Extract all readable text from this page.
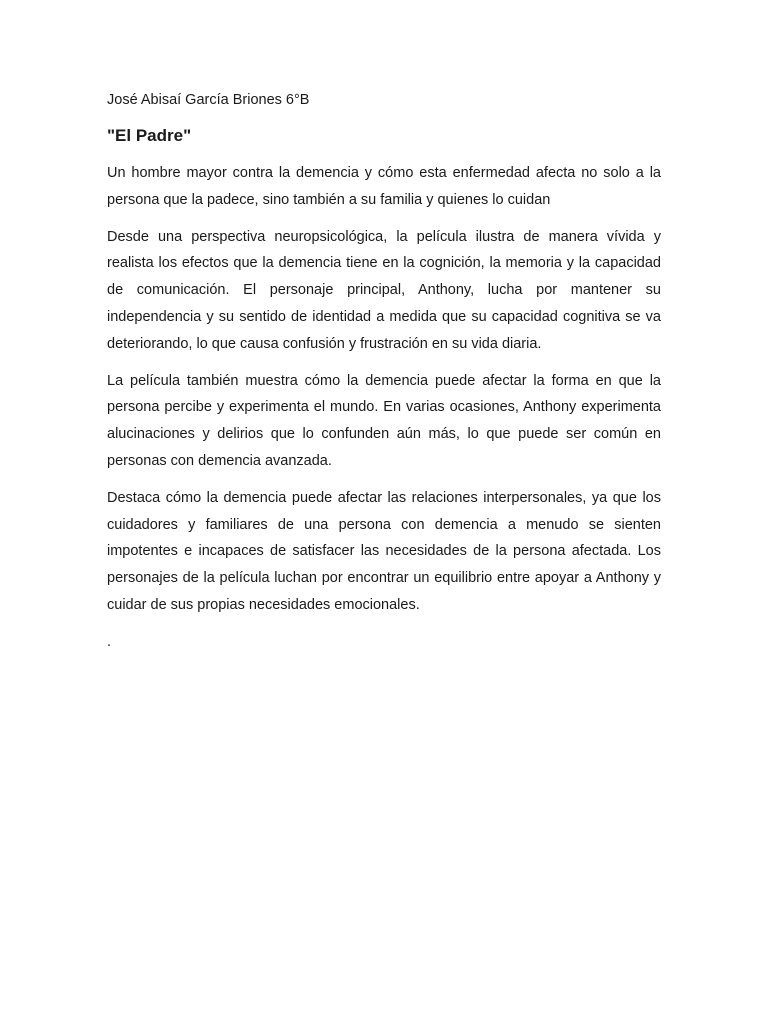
José Abisaí García Briones 6°B

"El Padre"

Un hombre mayor contra la demencia y cómo esta enfermedad afecta no solo a la persona que la padece, sino también a su familia y quienes lo cuidan

Desde una perspectiva neuropsicológica, la película ilustra de manera vívida y realista los efectos que la demencia tiene en la cognición, la memoria y la capacidad de comunicación. El personaje principal, Anthony, lucha por mantener su independencia y su sentido de identidad a medida que su capacidad cognitiva se va deteriorando, lo que causa confusión y frustración en su vida diaria.

La película también muestra cómo la demencia puede afectar la forma en que la persona percibe y experimenta el mundo. En varias ocasiones, Anthony experimenta alucinaciones y delirios que lo confunden aún más, lo que puede ser común en personas con demencia avanzada.

Destaca cómo la demencia puede afectar las relaciones interpersonales, ya que los cuidadores y familiares de una persona con demencia a menudo se sienten impotentes e incapaces de satisfacer las necesidades de la persona afectada. Los personajes de la película luchan por encontrar un equilibrio entre apoyar a Anthony y cuidar de sus propias necesidades emocionales.

.
